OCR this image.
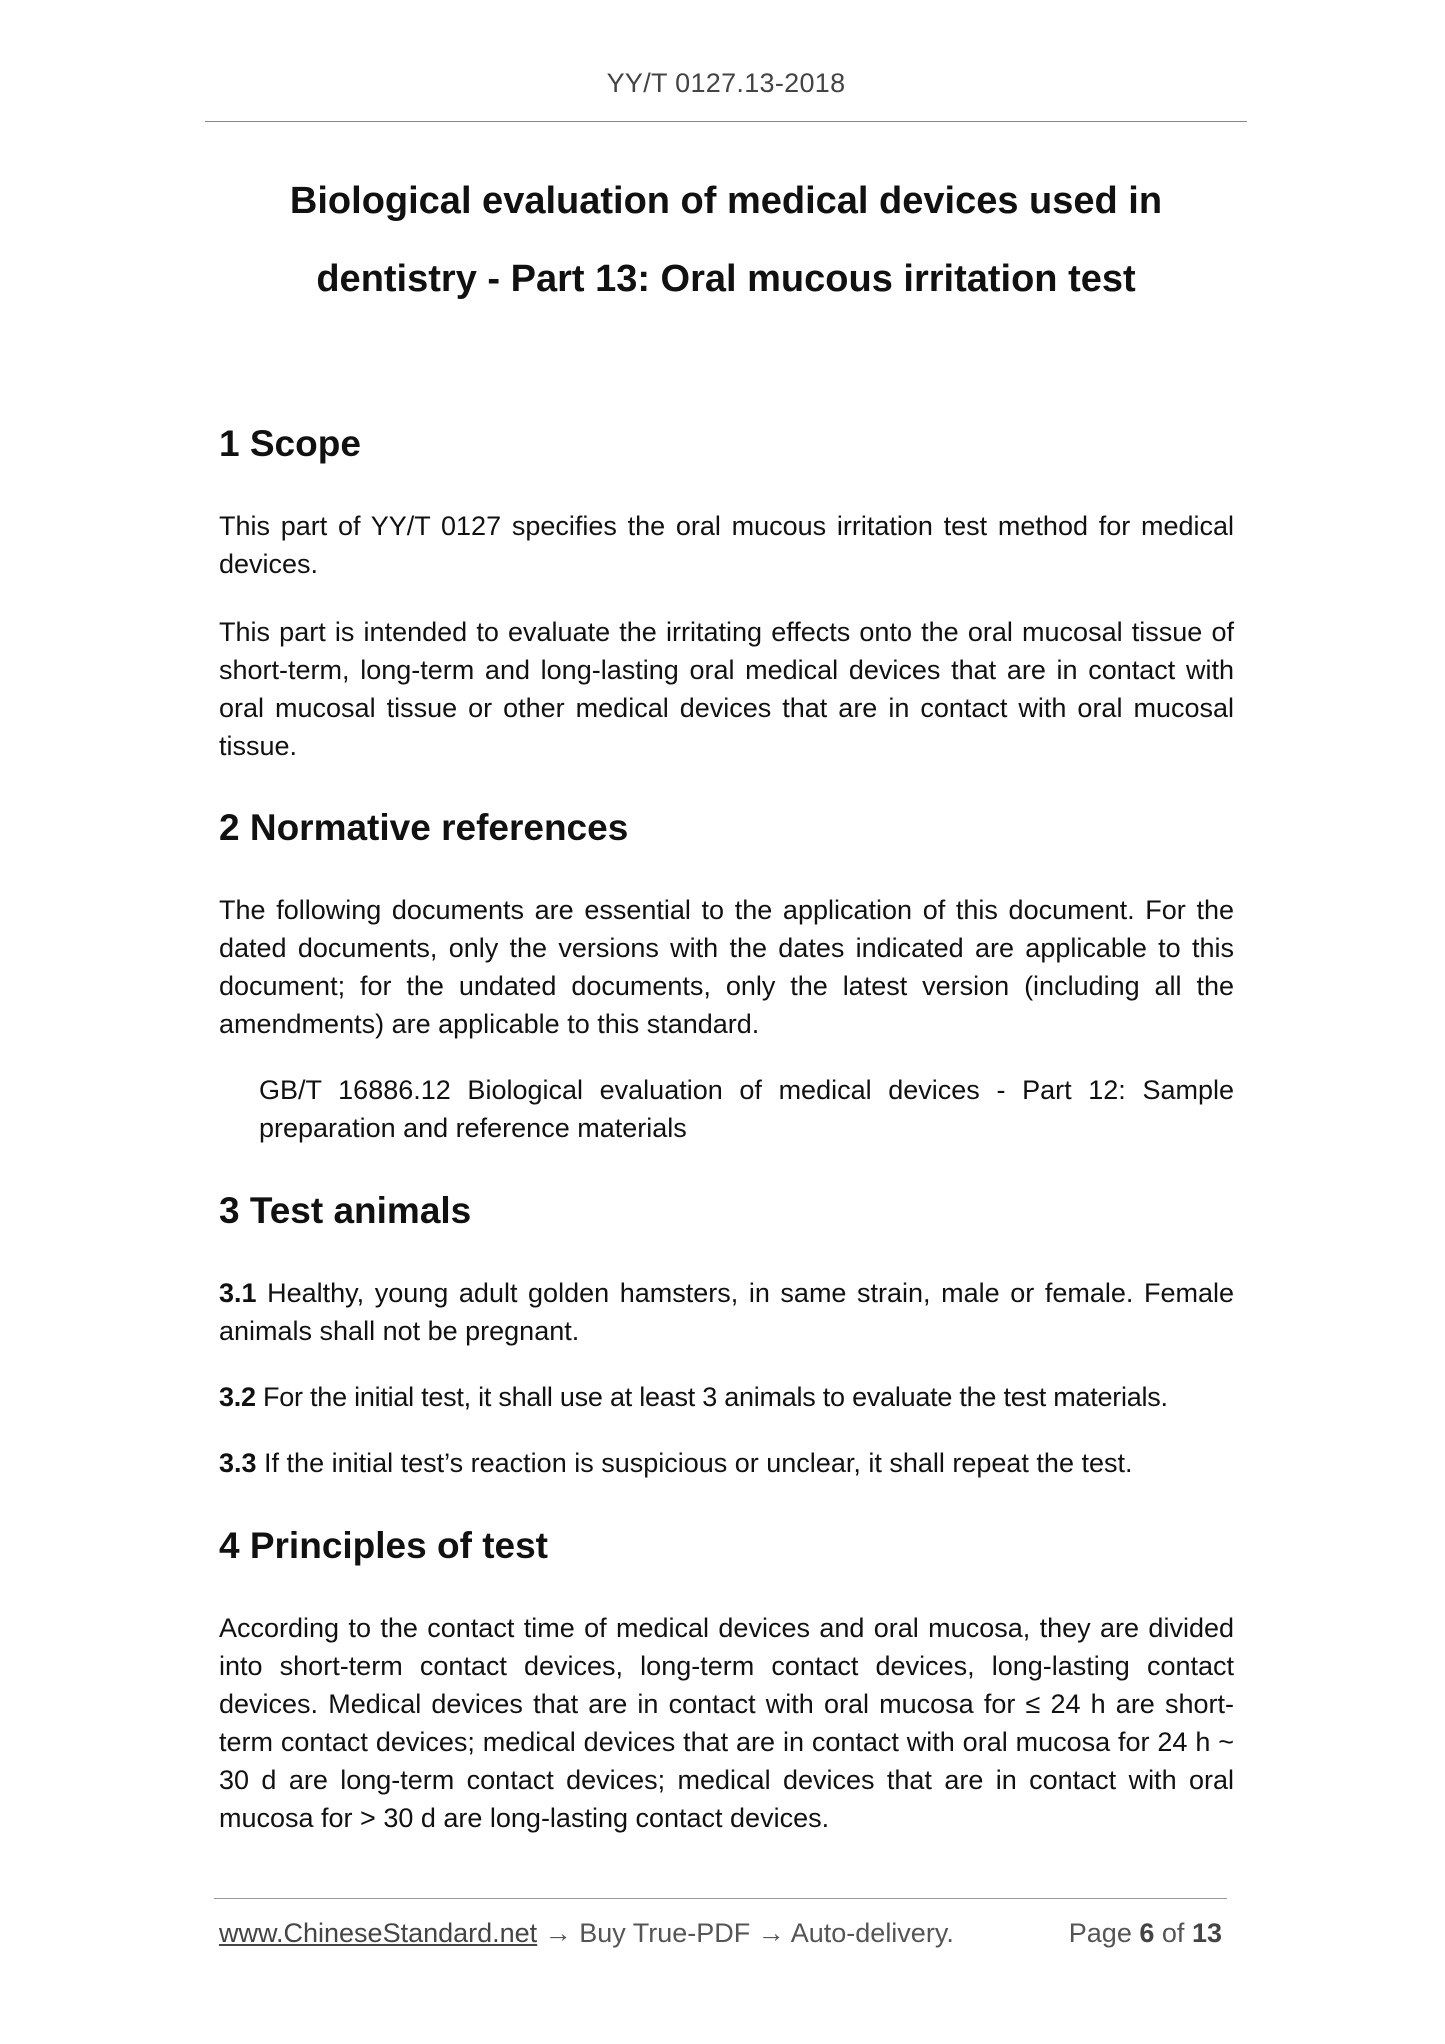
YY/T 0127.13-2018
Biological evaluation of medical devices used in
dentistry - Part 13: Oral mucous irritation test
1 Scope

This part of YY/T 0127 specifies the oral mucous irritation test method for medical devices.

This part is intended to evaluate the irritating effects onto the oral mucosal tissue of short-term, long-term and long-lasting oral medical devices that are in contact with oral mucosal tissue or other medical devices that are in contact with oral mucosal tissue.

2 Normative references

The following documents are essential to the application of this document. For the dated documents, only the versions with the dates indicated are applicable to this document; for the undated documents, only the latest version (including all the amendments) are applicable to this standard.

GB/T 16886.12 Biological evaluation of medical devices - Part 12: Sample preparation and reference materials

3 Test animals

3.1 Healthy, young adult golden hamsters, in same strain, male or female. Female animals shall not be pregnant.

3.2 For the initial test, it shall use at least 3 animals to evaluate the test materials.

3.3 If the initial test’s reaction is suspicious or unclear, it shall repeat the test.

4 Principles of test

According to the contact time of medical devices and oral mucosa, they are divided into short-term contact devices, long-term contact devices, long-lasting contact devices. Medical devices that are in contact with oral mucosa for ≤ 24 h are short-term contact devices; medical devices that are in contact with oral mucosa for 24 h ~ 30 d are long-term contact devices; medical devices that are in contact with oral mucosa for > 30 d are long-lasting contact devices.

www.ChineseStandard.net → Buy True-PDF → Auto-delivery.	Page 6 of 13
